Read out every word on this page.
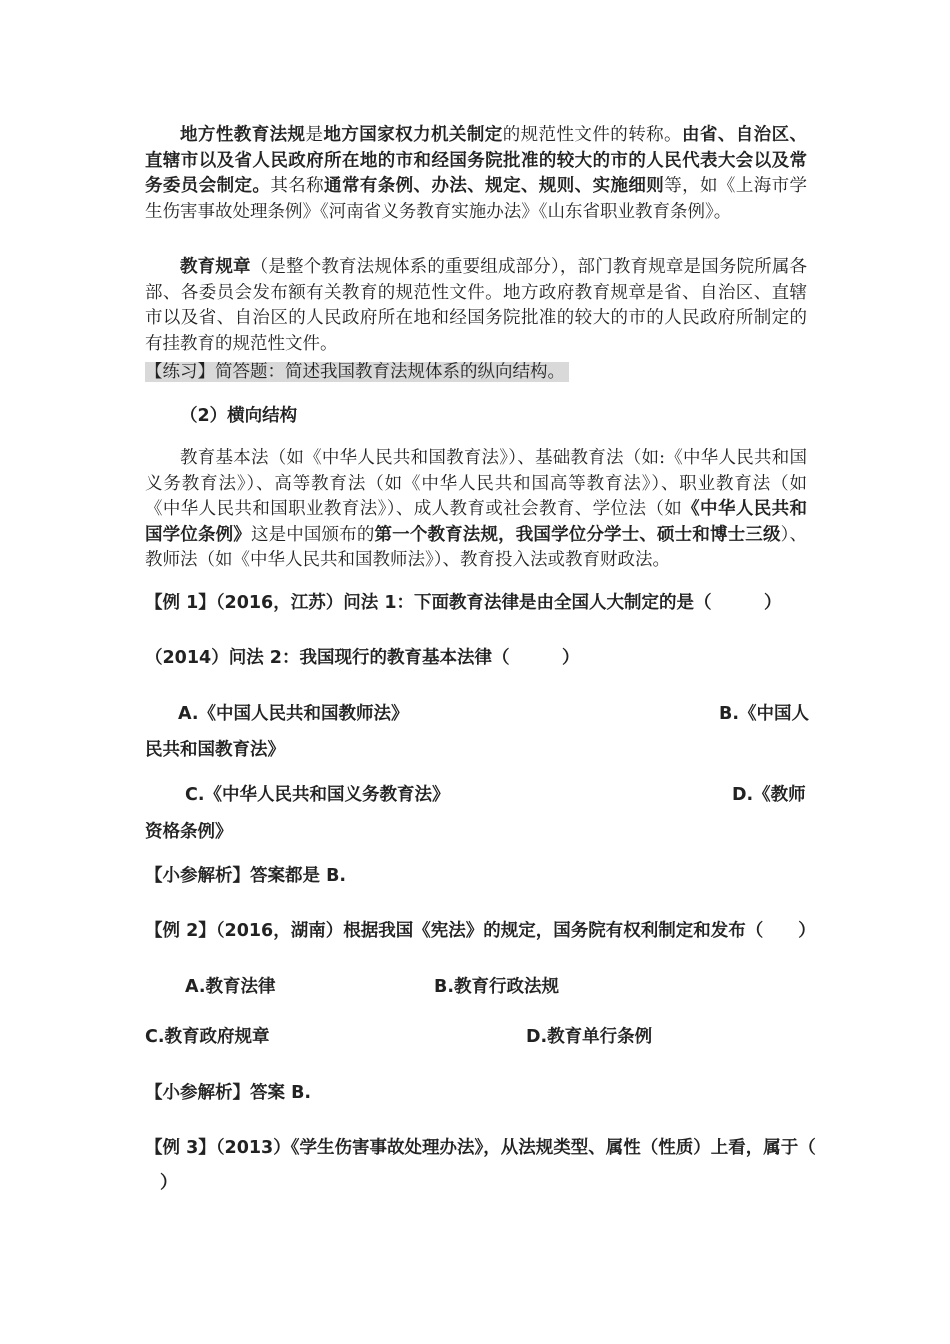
地方性教育法规是地方国家权力机关制定的规范性文件的转称。由省、自治区、直辖市以及省人民政府所在地的市和经国务院批准的较大的市的人民代表大会以及常务委员会制定。其名称通常有条例、办法、规定、规则、实施细则等，如《上海市学生伤害事故处理条例》《河南省义务教育实施办法》《山东省职业教育条例》。

教育规章（是整个教育法规体系的重要组成部分），部门教育规章是国务院所属各部、各委员会发布额有关教育的规范性文件。地方政府教育规章是省、自治区、直辖市以及省、自治区的人民政府所在地和经国务院批准的较大的市的人民政府所制定的有挂教育的规范性文件。

【练习】简答题：简述我国教育法规体系的纵向结构。

（2）横向结构

教育基本法（如《中华人民共和国教育法》）、基础教育法（如:《中华人民共和国义务教育法》）、高等教育法（如《中华人民共和国高等教育法》）、职业教育法（如《中华人民共和国职业教育法》）、成人教育或社会教育、学位法（如《中华人民共和国学位条例》这是中国颁布的第一个教育法规，我国学位分学士、硕士和博士三级）、教师法（如《中华人民共和国教师法》）、教育投入法或教育财政法。

【例 1】（2016，江苏）问法 1：下面教育法律是由全国人大制定的是（　　　）

（2014）问法 2：我国现行的教育基本法律（　　　）

A.《中国人民共和国教师法》	B.《中国人

民共和国教育法》

C.《中华人民共和国义务教育法》	D.《教师

资格条例》

【小参解析】答案都是 B.

【例 2】（2016，湖南）根据我国《宪法》的规定，国务院有权利制定和发布（　　）

A.教育法律	B.教育行政法规

C.教育政府规章	D.教育单行条例

【小参解析】答案 B.

【例 3】（2013）《学生伤害事故处理办法》，从法规类型、属性（性质）上看，属于（

）
